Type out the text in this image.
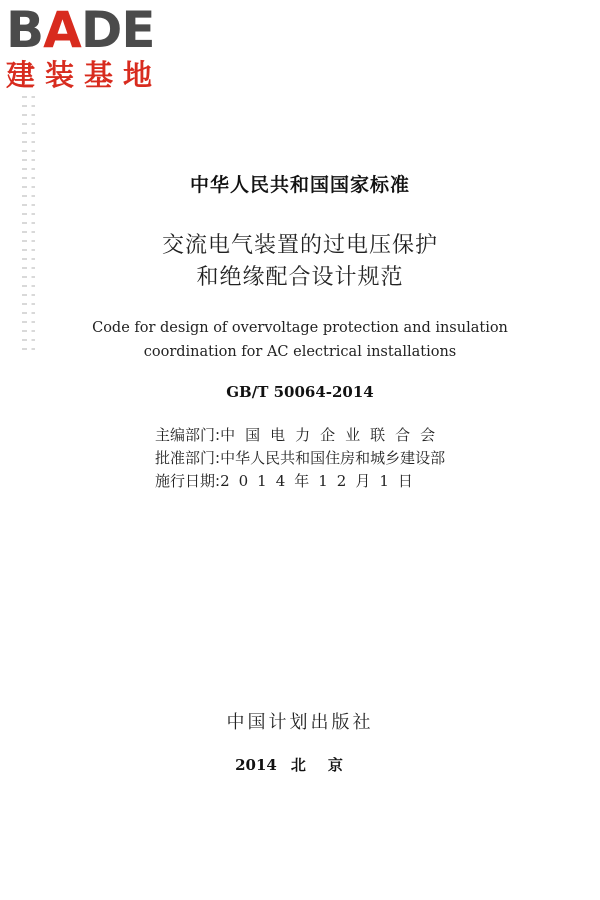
B A DE
建装基地
中华人民共和国国家标准
交流电气装置的过电压保护
和绝缘配合设计规范
Code for design of overvoltage protection and insulation
coordination for AC electrical installations
GB/T 50064-2014
主编部门: 中国电力企业联合会
批准部门: 中华人民共和国住房和城乡建设部
施行日期: 2014年12月1日
中国计划出版社
2014 北京
